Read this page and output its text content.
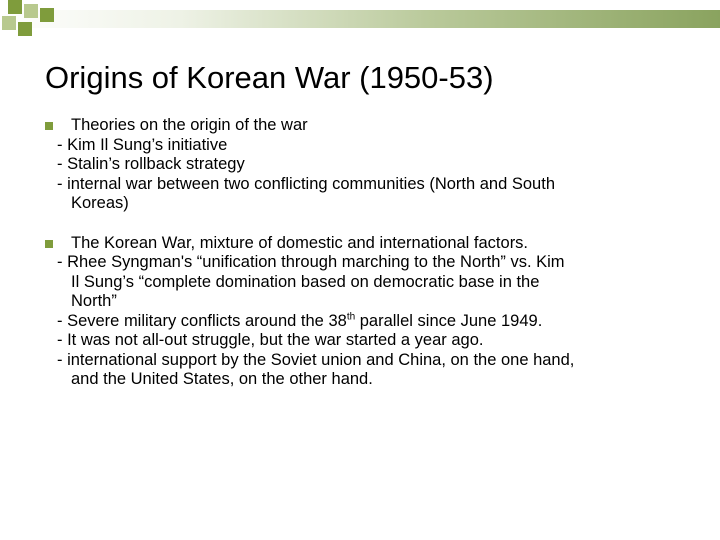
Origins of Korean War (1950-53)
Theories on the origin of the war
- Kim Il Sung’s initiative
- Stalin’s rollback strategy
- internal war between two conflicting communities (North and South
Koreas)
The Korean War, mixture of domestic and international factors.
- Rhee Syngman's “unification through marching to the North” vs. Kim
Il Sung’s “complete domination based on democratic base in the
North”
- Severe military conflicts around the 38th parallel since June 1949.
- It was not all-out struggle, but the war started a year ago.
- international support by the Soviet union and China, on the one hand,
and the United States, on the other hand.
